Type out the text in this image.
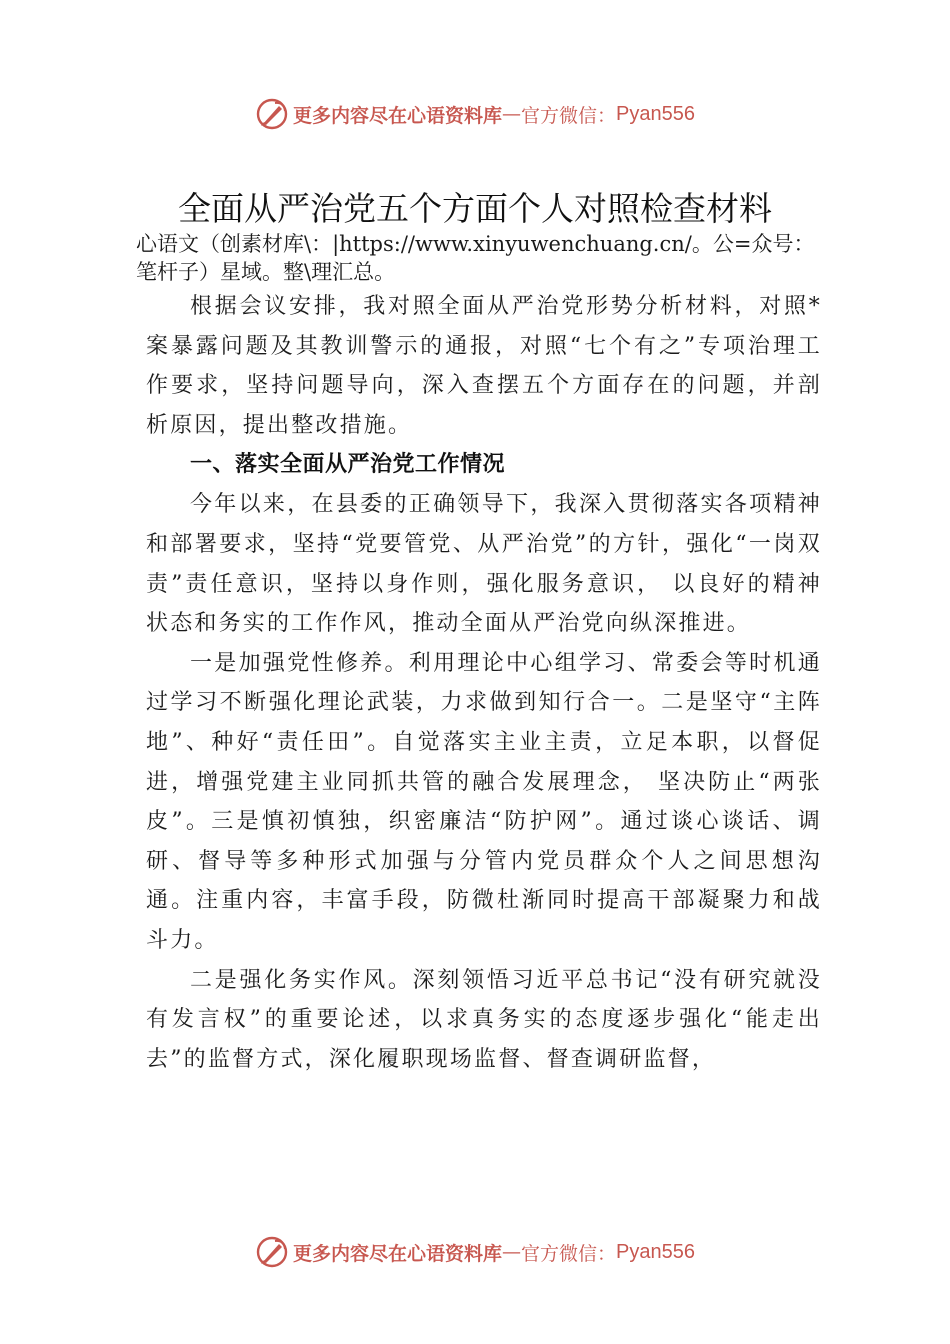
更多内容尽在心语资料库 — 官方微信： Pyan556
全面从严治党五个方面个人对照检查材料

心语文（创素材库\：|https://www.xinyuwenchuang.cn/。公=众号：笔杆子）星域。整\理汇总。

根据会议安排，我对照全面从严治党形势分析材料，对照*案暴露问题及其教训警示的通报，对照“七个有之”专项治理工作要求，坚持问题导向，深入查摆五个方面存在的问题，并剖析原因，提出整改措施。

一、落实全面从严治党工作情况

今年以来，在县委的正确领导下，我深入贯彻落实各项精神和部署要求，坚持“党要管党、从严治党”的方针，强化“一岗双责”责任意识，坚持以身作则，强化服务意识， 以良好的精神状态和务实的工作作风，推动全面从严治党向纵深推进。

一是加强党性修养。利用理论中心组学习、常委会等时机通过学习不断强化理论武装，力求做到知行合一。二是坚守“主阵地”、种好“责任田”。自觉落实主业主责，立足本职，以督促进，增强党建主业同抓共管的融合发展理念， 坚决防止“两张皮”。三是慎初慎独，织密廉洁“防护网”。通过谈心谈话、调研、督导等多种形式加强与分管内党员群众个人之间思想沟通。注重内容，丰富手段，防微杜渐同时提高干部凝聚力和战斗力。

二是强化务实作风。深刻领悟习近平总书记“没有研究就没有发言权”的重要论述，以求真务实的态度逐步强化“能走出去”的监督方式，深化履职现场监督、督查调研监督，

更多内容尽在心语资料库 — 官方微信： Pyan556
